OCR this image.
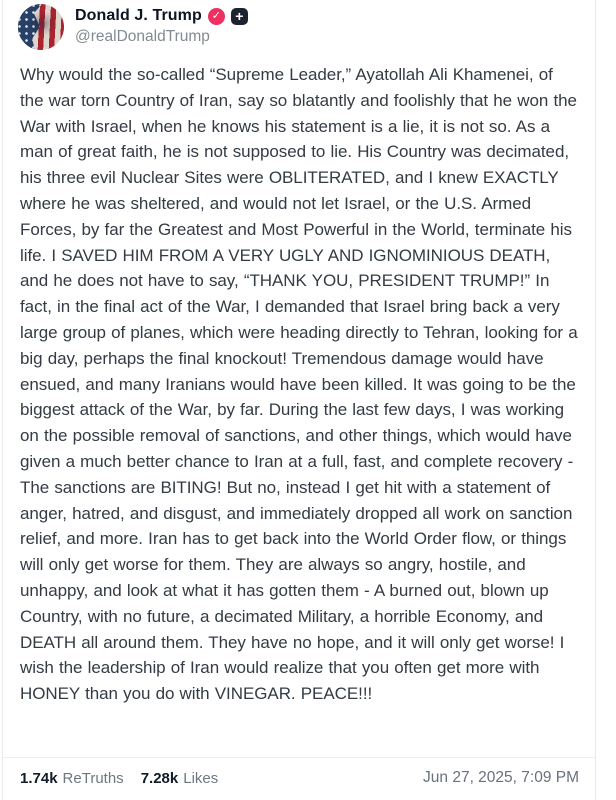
Donald J. Trump ✓	+
@realDonaldTrump
Why would the so-called “Supreme Leader,” Ayatollah Ali Khamenei, of the war torn Country of Iran, say so blatantly and foolishly that he won the War with Israel, when he knows his statement is a lie, it is not so. As a man of great faith, he is not supposed to lie. His Country was decimated, his three evil Nuclear Sites were OBLITERATED, and I knew EXACTLY where he was sheltered, and would not let Israel, or the U.S. Armed Forces, by far the Greatest and Most Powerful in the World, terminate his life. I SAVED HIM FROM A VERY UGLY AND IGNOMINIOUS DEATH, and he does not have to say, “THANK YOU, PRESIDENT TRUMP!” In fact, in the final act of the War, I demanded that Israel bring back a very large group of planes, which were heading directly to Tehran, looking for a big day, perhaps the final knockout! Tremendous damage would have ensued, and many Iranians would have been killed. It was going to be the biggest attack of the War, by far. During the last few days, I was working on the possible removal of sanctions, and other things, which would have given a much better chance to Iran at a full, fast, and complete recovery - The sanctions are BITING! But no, instead I get hit with a statement of anger, hatred, and disgust, and immediately dropped all work on sanction relief, and more. Iran has to get back into the World Order flow, or things will only get worse for them. They are always so angry, hostile, and unhappy, and look at what it has gotten them - A burned out, blown up Country, with no future, a decimated Military, a horrible Economy, and DEATH all around them. They have no hope, and it will only get worse! I wish the leadership of Iran would realize that you often get more with HONEY than you do with VINEGAR. PEACE!!!
1.74k ReTruths 7.28k Likes	Jun 27, 2025, 7:09 PM
